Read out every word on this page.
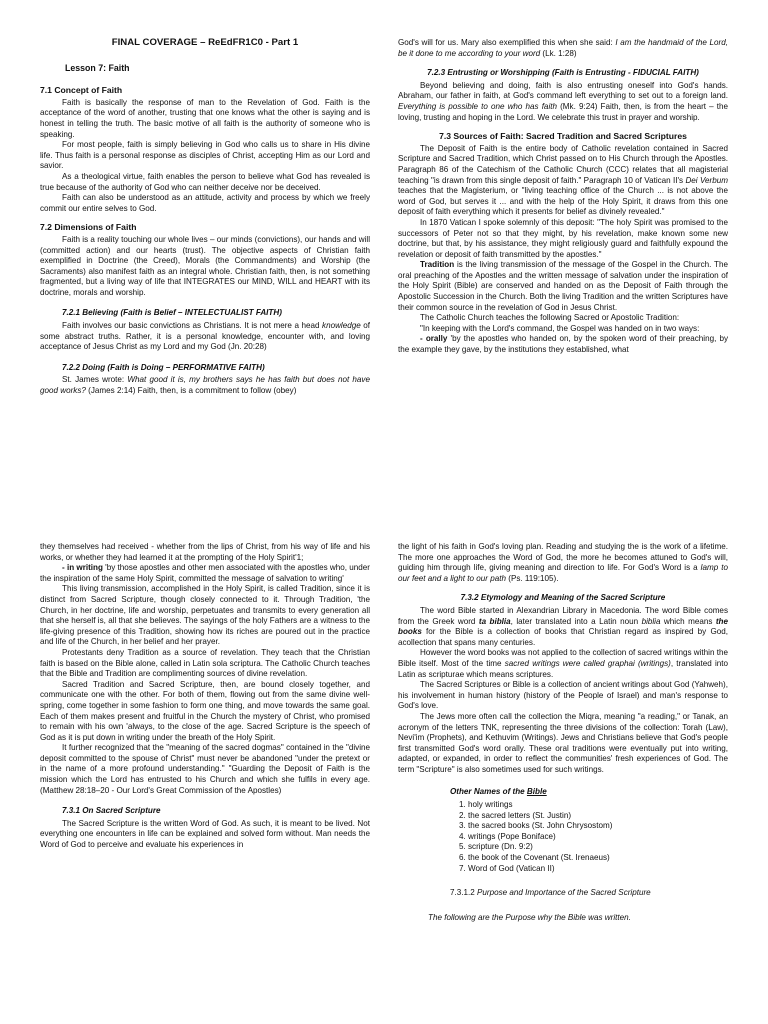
FINAL COVERAGE – ReEdFR1C0 - Part 1
Lesson 7: Faith
7.1 Concept of Faith

Faith is basically the response of man to the Revelation of God. Faith is the acceptance of the word of another, trusting that one knows what the other is saying and is honest in telling the truth. The basic motive of all faith is the authority of someone who is speaking.

For most people, faith is simply believing in God who calls us to share in His divine life. Thus faith is a personal response as disciples of Christ, accepting Him as our Lord and savior.

As a theological virtue, faith enables the person to believe what God has revealed is true because of the authority of God who can neither deceive nor be deceived.

Faith can also be understood as an attitude, activity and process by which we freely commit our entire selves to God.

7.2 Dimensions of Faith

Faith is a reality touching our whole lives – our minds (convictions), our hands and will (committed action) and our hearts (trust). The objective aspects of Christian faith exemplified in Doctrine (the Creed), Morals (the Commandments) and Worship (the Sacraments) also manifest faith as an integral whole. Christian faith, then, is not something fragmented, but a living way of life that INTEGRATES our MIND, WILL and HEART with its doctrine, morals and worship.

7.2.1 Believing (Faith is Belief – INTELECTUALIST FAITH)

Faith involves our basic convictions as Christians. It is not mere a head knowledge of some abstract truths. Rather, it is a personal knowledge, encounter with, and loving acceptance of Jesus Christ as my Lord and my God (Jn. 20:28)

7.2.2 Doing (Faith is Doing – PERFORMATIVE FAITH)

St. James wrote: What good it is, my brothers says he has faith but does not have good works? (James 2:14) Faith, then, is a commitment to follow (obey)

God's will for us. Mary also exemplified this when she said: I am the handmaid of the Lord, be it done to me according to your word (Lk. 1:28)

7.2.3 Entrusting or Worshipping (Faith is Entrusting - FIDUCIAL FAITH)

Beyond believing and doing, faith is also entrusting oneself into God's hands. Abraham, our father in faith, at God's command left everything to set out to a foreign land. Everything is possible to one who has faith (Mk. 9:24) Faith, then, is from the heart – the loving, trusting and hoping in the Lord. We celebrate this trust in prayer and worship.

7.3 Sources of Faith: Sacred Tradition and Sacred Scriptures

The Deposit of Faith is the entire body of Catholic revelation contained in Sacred Scripture and Sacred Tradition, which Christ passed on to His Church through the Apostles. Paragraph 86 of the Catechism of the Catholic Church (CCC) relates that all magisterial teaching "is drawn from this single deposit of faith." Paragraph 10 of Vatican II's Dei Verbum teaches that the Magisterium, or "living teaching office of the Church ... is not above the word of God, but serves it ... and with the help of the Holy Spirit, it draws from this one deposit of faith everything which it presents for belief as divinely revealed."

In 1870 Vatican I spoke solemnly of this deposit: "The holy Spirit was promised to the successors of Peter not so that they might, by his revelation, make known some new doctrine, but that, by his assistance, they might religiously guard and faithfully expound the revelation or deposit of faith transmitted by the apostles."

Tradition is the living transmission of the message of the Gospel in the Church. The oral preaching of the Apostles and the written message of salvation under the inspiration of the Holy Spirit (Bible) are conserved and handed on as the Deposit of Faith through the Apostolic Succession in the Church. Both the living Tradition and the written Scriptures have their common source in the revelation of God in Jesus Christ.

The Catholic Church teaches the following Sacred or Apostolic Tradition:

"In keeping with the Lord's command, the Gospel was handed on in two ways:

- orally 'by the apostles who handed on, by the spoken word of their preaching, by the example they gave, by the institutions they established, what

they themselves had received - whether from the lips of Christ, from his way of life and his works, or whether they had learned it at the prompting of the Holy Spirit'1;

- in writing 'by those apostles and other men associated with the apostles who, under the inspiration of the same Holy Spirit, committed the message of salvation to writing'

This living transmission, accomplished in the Holy Spirit, is called Tradition, since it is distinct from Sacred Scripture, though closely connected to it. Through Tradition, 'the Church, in her doctrine, life and worship, perpetuates and transmits to every generation all that she herself is, all that she believes. The sayings of the holy Fathers are a witness to the life-giving presence of this Tradition, showing how its riches are poured out in the practice and life of the Church, in her belief and her prayer.

Protestants deny Tradition as a source of revelation. They teach that the Christian faith is based on the Bible alone, called in Latin sola scriptura. The Catholic Church teaches that the Bible and Tradition are complimenting sources of divine revelation.

Sacred Tradition and Sacred Scripture, then, are bound closely together, and communicate one with the other. For both of them, flowing out from the same divine well-spring, come together in some fashion to form one thing, and move towards the same goal. Each of them makes present and fruitful in the Church the mystery of Christ, who promised to remain with his own 'always, to the close of the age. Sacred Scripture is the speech of God as it is put down in writing under the breath of the Holy Spirit.

It further recognized that the "meaning of the sacred dogmas" contained in the "divine deposit committed to the spouse of Christ" must never be abandoned "under the pretext or in the name of a more profound understanding." "Guarding the Deposit of Faith is the mission which the Lord has entrusted to his Church and which she fulfils in every age. (Matthew 28:18–20 - Our Lord's Great Commission of the Apostles)

7.3.1 On Sacred Scripture

The Sacred Scripture is the written Word of God. As such, it is meant to be lived. Not everything one encounters in life can be explained and solved form without. Man needs the Word of God to perceive and evaluate his experiences in

the light of his faith in God's loving plan. Reading and studying the is the work of a lifetime. The more one approaches the Word of God, the more he becomes attuned to God's will, guiding him through life, giving meaning and direction to life. For God's Word is a lamp to our feet and a light to our path (Ps. 119:105).

7.3.2 Etymology and Meaning of the Sacred Scripture

The word Bible started in Alexandrian Library in Macedonia. The word Bible comes from the Greek word ta biblia, later translated into a Latin noun biblia which means the books for the Bible is a collection of books that Christian regard as inspired by God, acollection that spans many centuries.

However the word books was not applied to the collection of sacred writings within the Bible itself. Most of the time sacred writings were called graphai (writings), translated into Latin as scripturae which means scriptures.

The Sacred Scriptures or Bible is a collection of ancient writings about God (Yahweh), his involvement in human history (history of the People of Israel) and man's response to God's love.

The Jews more often call the collection the Miqra, meaning "a reading," or Tanak, an acronym of the letters TNK, representing the three divisions of the collection: Torah (Law), Nevi'im (Prophets), and Kethuvim (Writings). Jews and Christians believe that God's people first transmitted God's word orally. These oral traditions were eventually put into writing, adapted, or expanded, in order to reflect the communities' fresh experiences of God. The term "Scripture" is also sometimes used for such writings.

Other Names of the Bible
1. holy writings
2. the sacred letters (St. Justin)
3. the sacred books (St. John Chrysostom)
4. writings (Pope Boniface)
5. scripture (Dn. 9:2)
6. the book of the Covenant (St. Irenaeus)
7. Word of God (Vatican II)
7.3.1.2 Purpose and Importance of the Sacred Scripture
The following are the Purpose why the Bible was written.
